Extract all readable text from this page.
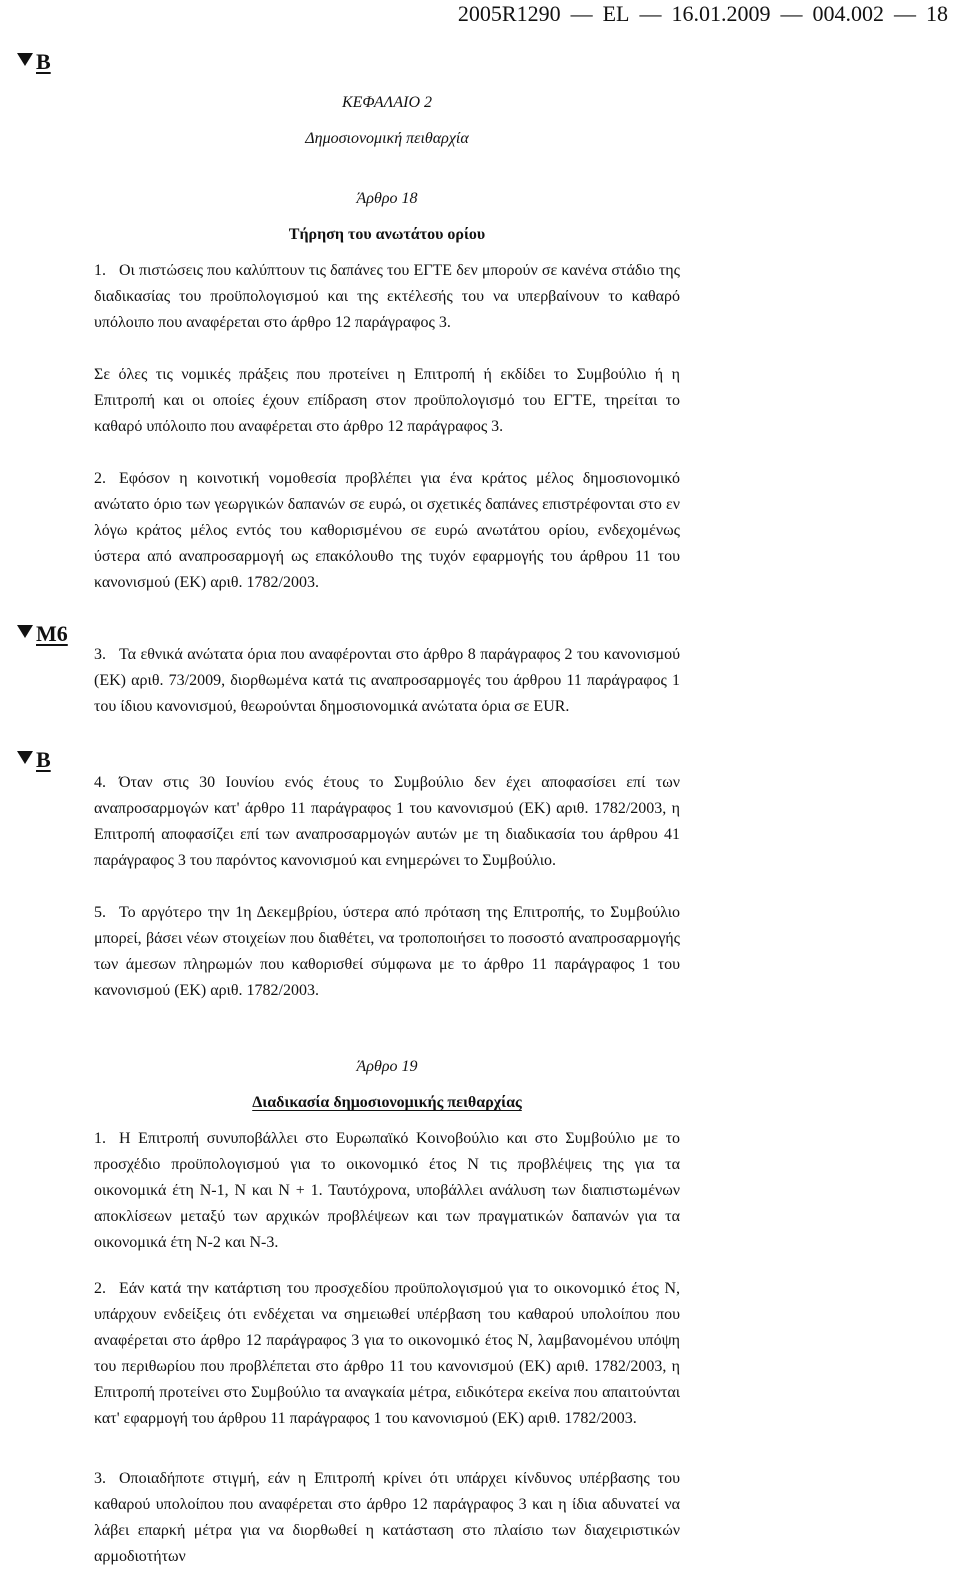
2005R1290 — EL — 16.01.2009 — 004.002 — 18
B
ΚΕΦΑΛΑΙΟ 2
Δημοσιονομική πειθαρχία
Άρθρο 18
Τήρηση του ανωτάτου ορίου

1. Οι πιστώσεις που καλύπτουν τις δαπάνες του ΕΓΤΕ δεν μπορούν σε κανένα στάδιο της διαδικασίας του προϋπολογισμού και της εκτέλεσής του να υπερβαίνουν το καθαρό υπόλοιπο που αναφέρεται στο άρθρο 12 παράγραφος 3.

Σε όλες τις νομικές πράξεις που προτείνει η Επιτροπή ή εκδίδει το Συμβούλιο ή η Επιτροπή και οι οποίες έχουν επίδραση στον προϋπολογισμό του ΕΓΤΕ, τηρείται το καθαρό υπόλοιπο που αναφέρεται στο άρθρο 12 παράγραφος 3.

2. Εφόσον η κοινοτική νομοθεσία προβλέπει για ένα κράτος μέλος δημοσιονομικό ανώτατο όριο των γεωργικών δαπανών σε ευρώ, οι σχετικές δαπάνες επιστρέφονται στο εν λόγω κράτος μέλος εντός του καθορισμένου σε ευρώ ανωτάτου ορίου, ενδεχομένως ύστερα από αναπροσαρμογή ως επακόλουθο της τυχόν εφαρμογής του άρθρου 11 του κανονισμού (ΕΚ) αριθ. 1782/2003.

M6

3. Τα εθνικά ανώτατα όρια που αναφέρονται στο άρθρο 8 παράγραφος 2 του κανονισμού (ΕΚ) αριθ. 73/2009, διορθωμένα κατά τις αναπροσαρμογές του άρθρου 11 παράγραφος 1 του ίδιου κανονισμού, θεωρούνται δημοσιονομικά ανώτατα όρια σε EUR.

B

4. Όταν στις 30 Ιουνίου ενός έτους το Συμβούλιο δεν έχει αποφασίσει επί των αναπροσαρμογών κατ' άρθρο 11 παράγραφος 1 του κανονισμού (ΕΚ) αριθ. 1782/2003, η Επιτροπή αποφασίζει επί των αναπροσαρμογών αυτών με τη διαδικασία του άρθρου 41 παράγραφος 3 του παρόντος κανονισμού και ενημερώνει το Συμβούλιο.

5. Το αργότερο την 1η Δεκεμβρίου, ύστερα από πρόταση της Επιτροπής, το Συμβούλιο μπορεί, βάσει νέων στοιχείων που διαθέτει, να τροποποιήσει το ποσοστό αναπροσαρμογής των άμεσων πληρωμών που καθορισθεί σύμφωνα με το άρθρο 11 παράγραφος 1 του κανονισμού (ΕΚ) αριθ. 1782/2003.

Άρθρο 19
Διαδικασία δημοσιονομικής πειθαρχίας

1. Η Επιτροπή συνυποβάλλει στο Ευρωπαϊκό Κοινοβούλιο και στο Συμβούλιο με το προσχέδιο προϋπολογισμού για το οικονομικό έτος Ν τις προβλέψεις της για τα οικονομικά έτη Ν-1, Ν και Ν + 1. Ταυτόχρονα, υποβάλλει ανάλυση των διαπιστωμένων αποκλίσεων μεταξύ των αρχικών προβλέψεων και των πραγματικών δαπανών για τα οικονομικά έτη Ν-2 και Ν-3.

2. Εάν κατά την κατάρτιση του προσχεδίου προϋπολογισμού για το οικονομικό έτος Ν, υπάρχουν ενδείξεις ότι ενδέχεται να σημειωθεί υπέρβαση του καθαρού υπολοίπου που αναφέρεται στο άρθρο 12 παράγραφος 3 για το οικονομικό έτος Ν, λαμβανομένου υπόψη του περιθωρίου που προβλέπεται στο άρθρο 11 του κανονισμού (ΕΚ) αριθ. 1782/2003, η Επιτροπή προτείνει στο Συμβούλιο τα αναγκαία μέτρα, ειδικότερα εκείνα που απαιτούνται κατ' εφαρμογή του άρθρου 11 παράγραφος 1 του κανονισμού (ΕΚ) αριθ. 1782/2003.

3. Οποιαδήποτε στιγμή, εάν η Επιτροπή κρίνει ότι υπάρχει κίνδυνος υπέρβασης του καθαρού υπολοίπου που αναφέρεται στο άρθρο 12 παράγραφος 3 και η ίδια αδυνατεί να λάβει επαρκή μέτρα για να διορθωθεί η κατάσταση στο πλαίσιο των διαχειριστικών αρμοδιοτήτων
